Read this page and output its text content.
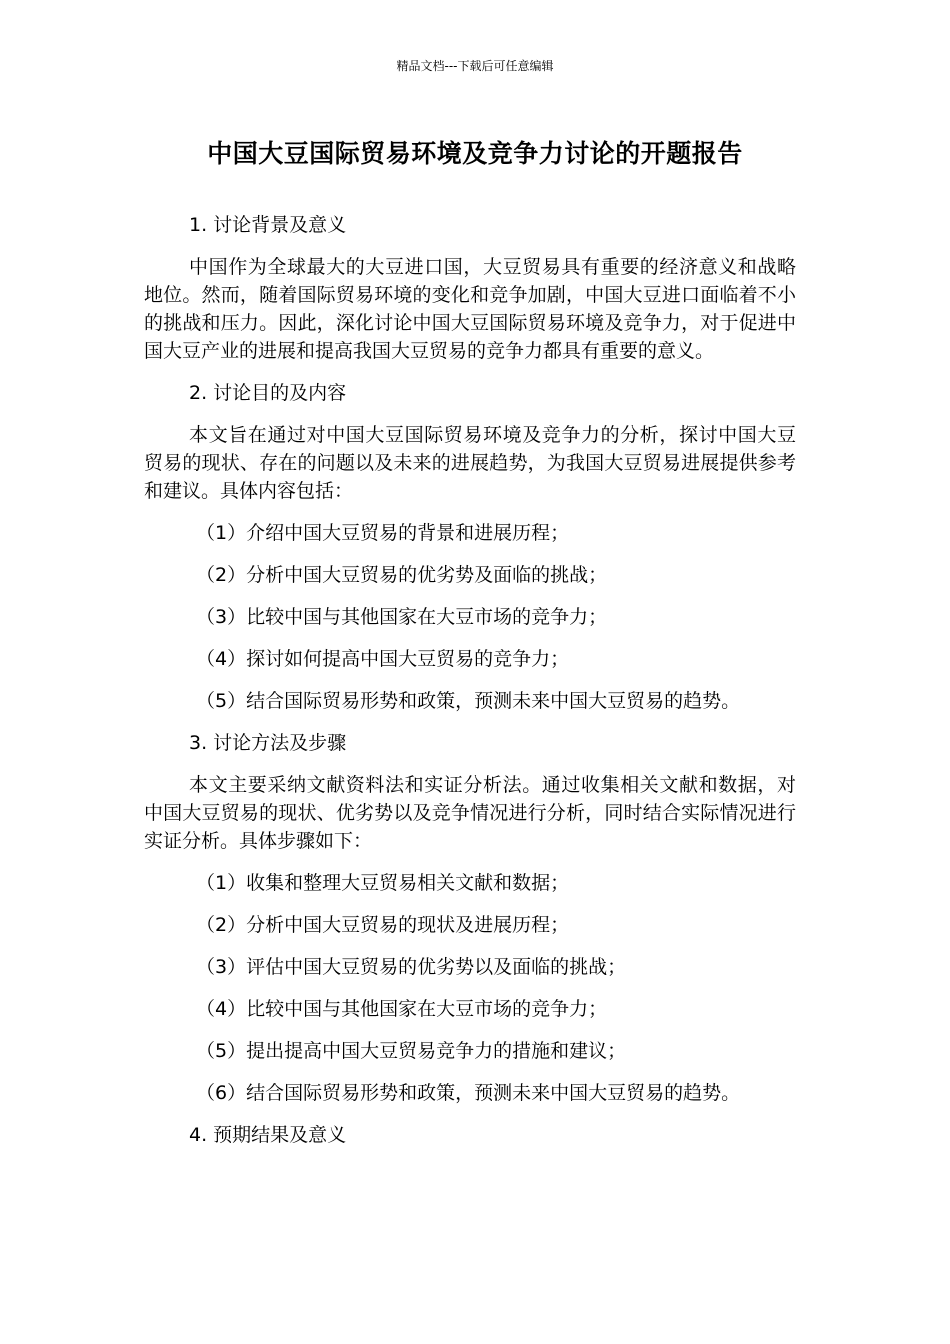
精品文档---下载后可任意编辑
中国大豆国际贸易环境及竞争力讨论的开题报告
1. 讨论背景及意义
中国作为全球最大的大豆进口国，大豆贸易具有重要的经济意义和战略地位。然而，随着国际贸易环境的变化和竞争加剧，中国大豆进口面临着不小的挑战和压力。因此，深化讨论中国大豆国际贸易环境及竞争力，对于促进中国大豆产业的进展和提高我国大豆贸易的竞争力都具有重要的意义。
2. 讨论目的及内容
本文旨在通过对中国大豆国际贸易环境及竞争力的分析，探讨中国大豆贸易的现状、存在的问题以及未来的进展趋势，为我国大豆贸易进展提供参考和建议。具体内容包括：
（1）介绍中国大豆贸易的背景和进展历程；
（2）分析中国大豆贸易的优劣势及面临的挑战；
（3）比较中国与其他国家在大豆市场的竞争力；
（4）探讨如何提高中国大豆贸易的竞争力；
（5）结合国际贸易形势和政策，预测未来中国大豆贸易的趋势。
3. 讨论方法及步骤
本文主要采纳文献资料法和实证分析法。通过收集相关文献和数据，对中国大豆贸易的现状、优劣势以及竞争情况进行分析，同时结合实际情况进行实证分析。具体步骤如下：
（1）收集和整理大豆贸易相关文献和数据；
（2）分析中国大豆贸易的现状及进展历程；
（3）评估中国大豆贸易的优劣势以及面临的挑战；
（4）比较中国与其他国家在大豆市场的竞争力；
（5）提出提高中国大豆贸易竞争力的措施和建议；
（6）结合国际贸易形势和政策，预测未来中国大豆贸易的趋势。
4. 预期结果及意义
